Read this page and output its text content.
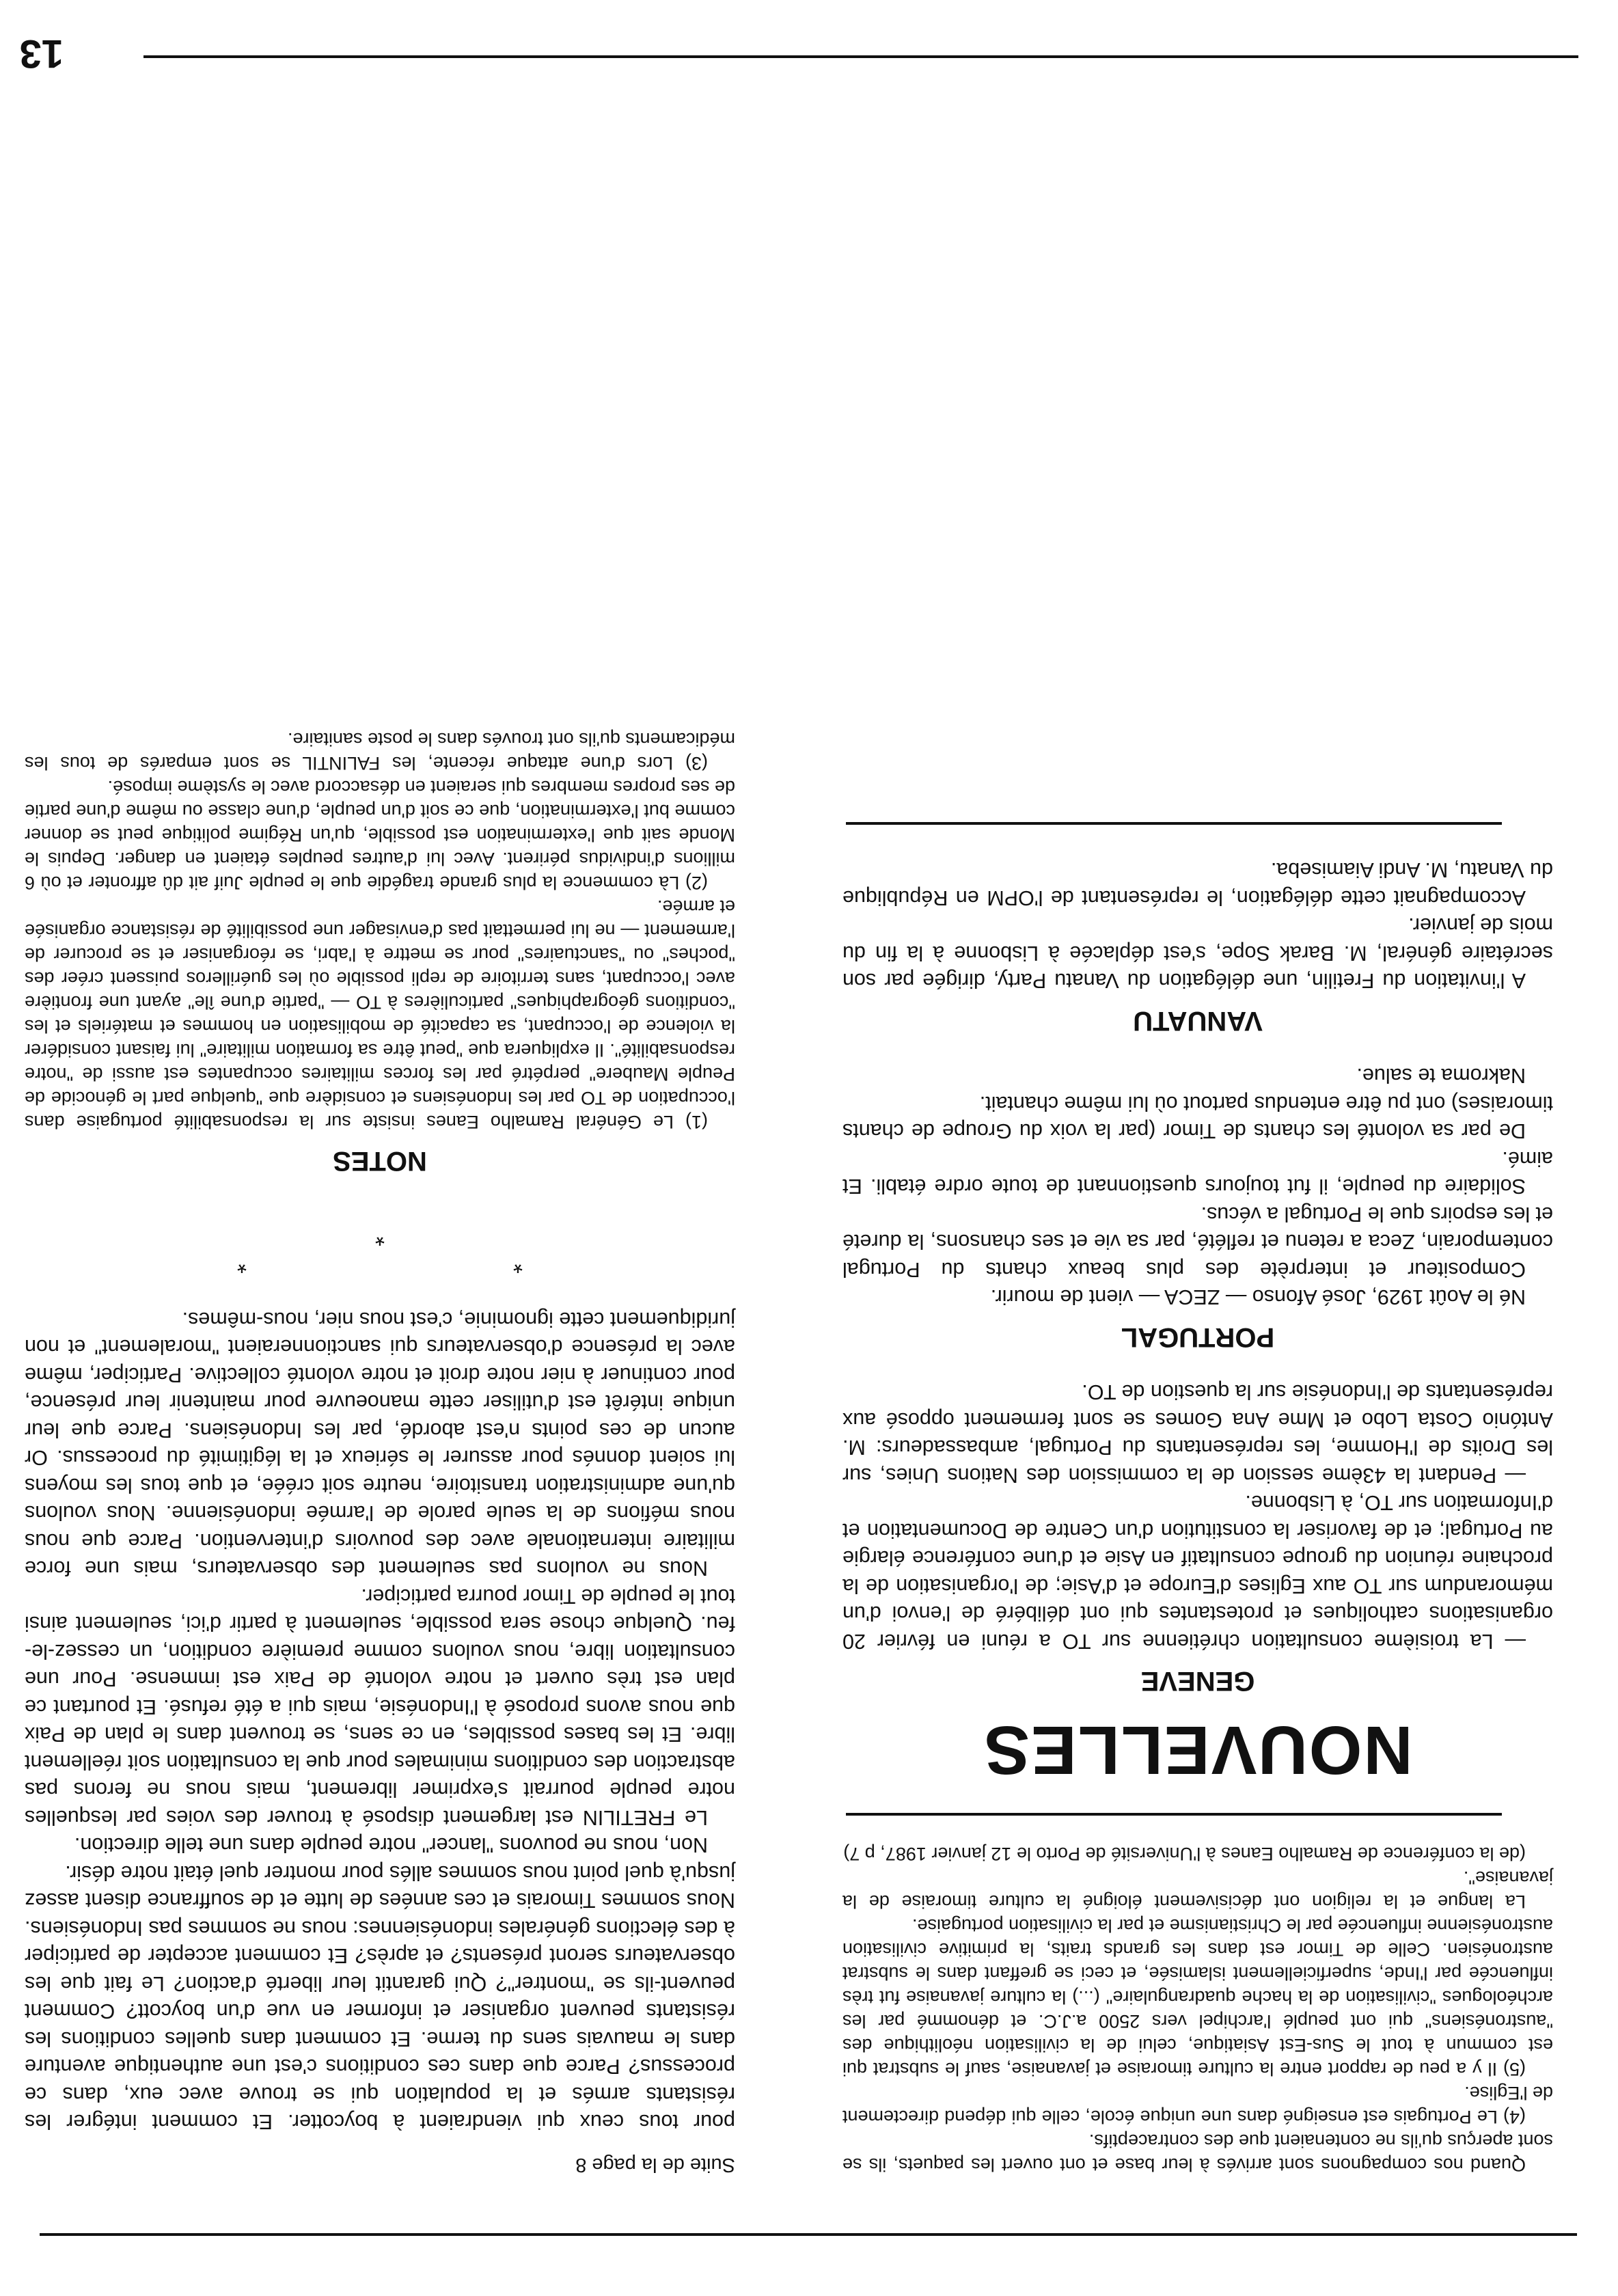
13

Quand nos compagnons sont arrivés à leur base et ont ouvert les paquets, ils se sont aperçus qu'ils ne contenaient que des contraceptifs.

(4) Le Portugais est enseigné dans une unique école, celle qui dépend directement de l'Eglise.

(5) Il y a peu de rapport entre la culture timoraise et javanaise, sauf le substrat qui est commun à tout le Sus-Est Asiatique, celui de la civilisation néolithique des "austronésiens" qui ont peuplé l'archipel vers 2500 a.J.C. et dénommé par les archéologues "civilisation de la hache quadrangulaire" (...) la culture javanaise fut très influencée par l'Inde, superficiellement islamisée, et ceci se greffant dans le substrat austronésien. Celle de Timor est dans les grands traits, la primitive civilisation austronésienne influencée par le Christianisme et par la civilisation portugaise.

La langue et la religion ont décisivement éloigné la culture timoraise de la javanaise".

(de la conférence de Ramalho Eanes à l'Université de Porto le 12 janvier 1987, p 7)

NOUVELLES
GENEVE

— La troisième consultation chrétienne sur TO a réuni en février 20 organisations catholiques et protestantes qui ont délibéré de l'envoi d'un mémorandum sur TO aux Eglises d'Europe et d'Asie; de l'organisation de la prochaine réunion du groupe consultatif en Asie et d'une conférence élargie au Portugal; et de favoriser la constitution d'un Centre de Documentation et d'Information sur TO, à Lisbonne.

— Pendant la 43ème session de la commission des Nations Unies, sur les Droits de l'Homme, les représentants du Portugal, ambassadeurs: M. António Costa Lobo et Mme Ana Gomes se sont fermement opposé aux représentants de l'Indonésie sur la question de TO.

PORTUGAL

Né le Août 1929, José Afonso — ZECA — vient de mourir.

Compositeur et interprète des plus beaux chants du Portugal contemporain, Zeca a retenu et reflété, par sa vie et ses chansons, la dureté et les espoirs que le Portugal a vécus.

Solidaire du peuple, il fut toujours questionnant de toute ordre établi. Et aimé.

De par sa volonté les chants de Timor (par la voix du Groupe de chants timoraises) ont pu être entendus partout où lui même chantait.

Nakroma te salue.

VANUATU

A l'invitation du Fretilin, une délégation du Vanatu Party, dirigée par son secrétaire général, M. Barak Sope, s'est déplacée à Lisbonne à la fin du mois de janvier.

Accompagnait cette délégation, le représentant de l'OPM en République du Vanatu, M. Andi Aiamiseba.

Suite de la page 8

pour tous ceux qui viendraient à boycotter. Et comment intégrer les résistants armés et la population qui se trouve avec eux, dans ce processus? Parce que dans ces conditions c'est une authentique aventure dans le mauvais sens du terme. Et comment dans quelles conditions les résistants peuvent organiser et informer en vue d'un boycott? Comment peuvent-ils se "montrer"? Qui garantit leur liberté d'action? Le fait que les observateurs seront présents? et après? Et comment accepter de participer à des élections générales indonésiennes: nous ne sommes pas Indonésiens. Nous sommes Timorais et ces années de lutte et de souffrance disent assez jusqu'à quel point nous sommes allés pour montrer quel était notre désir.

Non, nous ne pouvons "lancer" notre peuple dans une telle direction.

Le FRETILIN est largement disposé à trouver des voies par lesquelles notre peuple pourrait s'exprimer librement, mais nous ne ferons pas abstraction des conditions minimales pour que la consultation soit réellement libre. Et les bases possibles, en ce sens, se trouvent dans le plan de Paix que nous avons proposé à l'Indonésie, mais qui a été refusé. Et pourtant ce plan est très ouvert et notre volonté de Paix est immense. Pour une consultation libre, nous voulons comme première condition, un cessez-le-feu. Quelque chose sera possible, seulement à partir d'ici, seulement ainsi tout le peuple de Timor pourra participer.

Nous ne voulons pas seulement des observateurs, mais une force militaire internationale avec des pouvoirs d'intervention. Parce que nous nous méfions de la seule parole de l'armée indonésienne. Nous voulons qu'une administration transitoire, neutre soit créée, et que tous les moyens lui soient donnés pour assurer le sérieux et la légitimité du processus. Or aucun de ces points n'est abordé, par les Indonésiens. Parce que leur unique intérêt est d'utiliser cette manoeuvre pour maintenir leur présence, pour continuer à nier notre droit et notre volonté collective. Participer, même avec la présence d'observateurs qui sanctionneraient "moralement" et non juridiquement cette ignominie, c'est nous nier, nous-mêmes.

* * *
NOTES

(1) Le Général Ramalho Eanes insiste sur la responsabilité portugaise dans l'occupation de TO par les Indonésiens et considère que "quelque part le génocide de Peuple Maubere" perpétré par les forces militaires occupantes est aussi de "notre responsabilité". Il expliquera que "peut être sa formation militaire" lui faisant considérer la violence de l'occupant, sa capacité de mobilisation en hommes et matériels et les "conditions géographiques" particulières à TO — "partie d'une île" ayant une frontière avec l'occupant, sans territoire de repli possible où les guérilleros puissent créer des "poches" ou "sanctuaires" pour se mettre à l'abri, se réorganiser et se procurer de l'armement — ne lui permettait pas d'envisager une possibilité de résistance organisée et armée.

(2) Là commence la plus grande tragédie que le peuple Juif ait dû affronter et où 6 millions d'individus périrent. Avec lui d'autres peuples étaient en danger. Depuis le Monde sait que l'extermination est possible, qu'un Régime politique peut se donner comme but l'extermination, que ce soit d'un peuple, d'une classe ou même d'une partie de ses propres membres qui seraient en désaccord avec le système imposé.

(3) Lors d'une attaque récente, les FALINTIL se sont emparés de tous les médicaments qu'ils ont trouvés dans le poste sanitaire.
